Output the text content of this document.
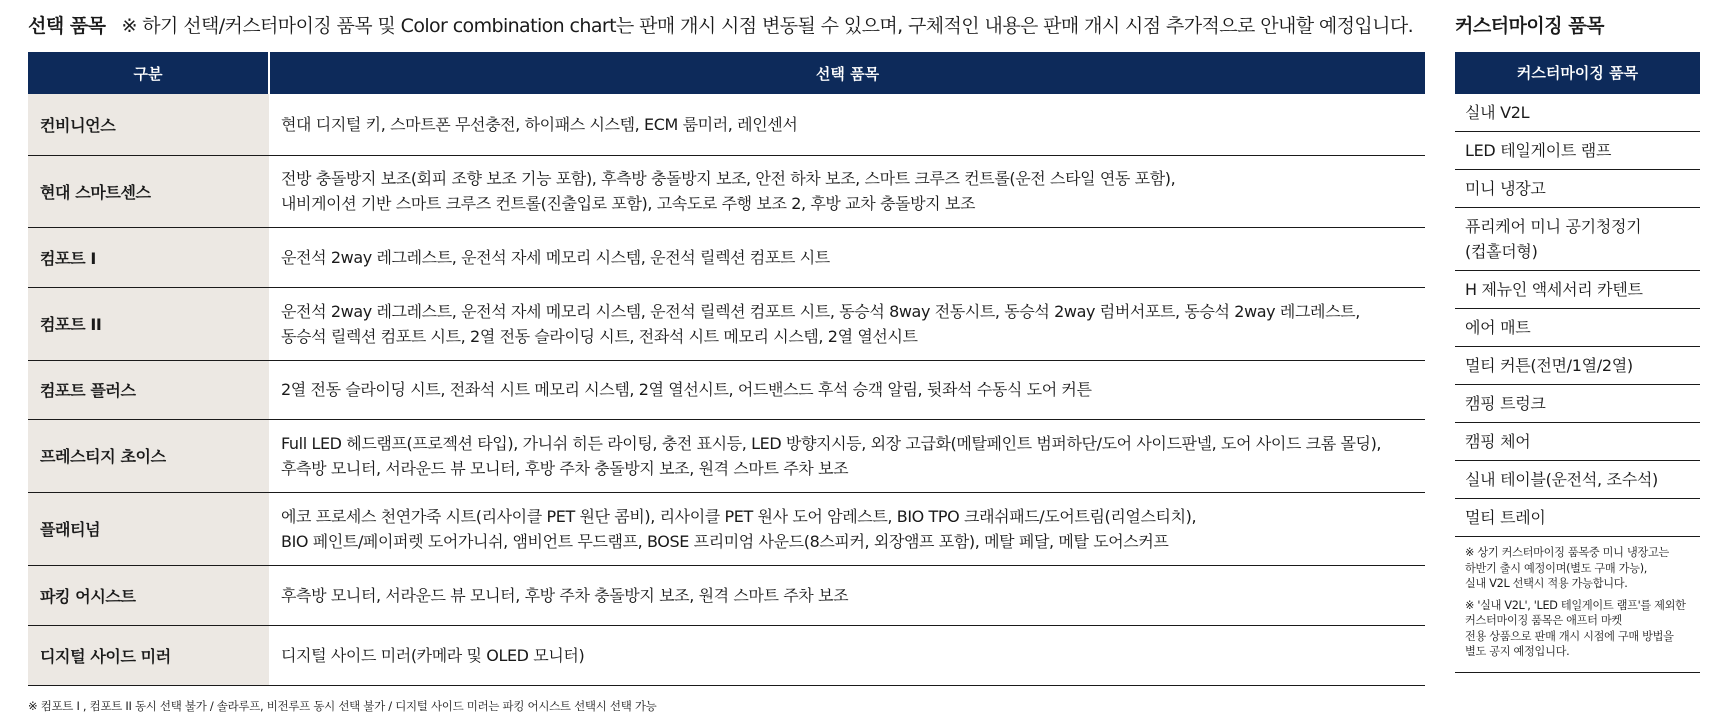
선택 품목 ※ 하기 선택/커스터마이징 품목 및 Color combination chart는 판매 개시 시점 변동될 수 있으며, 구체적인 내용은 판매 개시 시점 추가적으로 안내할 예정입니다.
구분	선택 품목
컨비니언스	현대 디지털 키, 스마트폰 무선충전, 하이패스 시스템, ECM 룸미러, 레인센서

현대 스마트센스	전방 충돌방지 보조(회피 조향 보조 기능 포함), 후측방 충돌방지 보조, 안전 하차 보조, 스마트 크루즈 컨트롤(운전 스타일 연동 포함),
내비게이션 기반 스마트 크루즈 컨트롤(진출입로 포함), 고속도로 주행 보조 2, 후방 교차 충돌방지 보조

컴포트 I	운전석 2way 레그레스트, 운전석 자세 메모리 시스템, 운전석 릴렉션 컴포트 시트

컴포트 II	운전석 2way 레그레스트, 운전석 자세 메모리 시스템, 운전석 릴렉션 컴포트 시트, 동승석 8way 전동시트, 동승석 2way 럼버서포트, 동승석 2way 레그레스트,
동승석 릴렉션 컴포트 시트, 2열 전동 슬라이딩 시트, 전좌석 시트 메모리 시스템, 2열 열선시트

컴포트 플러스	2열 전동 슬라이딩 시트, 전좌석 시트 메모리 시스템, 2열 열선시트, 어드밴스드 후석 승객 알림, 뒷좌석 수동식 도어 커튼

프레스티지 초이스	Full LED 헤드램프(프로젝션 타입), 가니쉬 히든 라이팅, 충전 표시등, LED 방향지시등, 외장 고급화(메탈페인트 범퍼하단/도어 사이드판넬, 도어 사이드 크롬 몰딩),
후측방 모니터, 서라운드 뷰 모니터, 후방 주차 충돌방지 보조, 원격 스마트 주차 보조

플래티넘	에코 프로세스 천연가죽 시트(리사이클 PET 원단 콤비), 리사이클 PET 원사 도어 암레스트, BIO TPO 크래쉬패드/도어트림(리얼스티치),
BIO 페인트/페이퍼렛 도어가니쉬, 앰비언트 무드램프, BOSE 프리미엄 사운드(8스피커, 외장앰프 포함), 메탈 페달, 메탈 도어스커프

파킹 어시스트	후측방 모니터, 서라운드 뷰 모니터, 후방 주차 충돌방지 보조, 원격 스마트 주차 보조

디지털 사이드 미러	디지털 사이드 미러(카메라 및 OLED 모니터)
※ 컴포트 I , 컴포트 II 동시 선택 불가 / 솔라루프, 비전루프 동시 선택 불가 / 디지털 사이드 미러는 파킹 어시스트 선택시 선택 가능
커스터마이징 품목
커스터마이징 품목
실내 V2L
LED 테일게이트 램프
미니 냉장고
퓨리케어 미니 공기청정기
(컵홀더형)
H 제뉴인 액세서리 카텐트
에어 매트
멀티 커튼(전면/1열/2열)
캠핑 트렁크
캠핑 체어
실내 테이블(운전석, 조수석)
멀티 트레이
※ 상기 커스터마이징 품목중 미니 냉장고는
하반기 출시 예정이며(별도 구매 가능),
실내 V2L 선택시 적용 가능합니다.
※ '실내 V2L', 'LED 테일게이트 램프'를 제외한
커스터마이징 품목은 애프터 마켓
전용 상품으로 판매 개시 시점에 구매 방법을
별도 공지 예정입니다.
